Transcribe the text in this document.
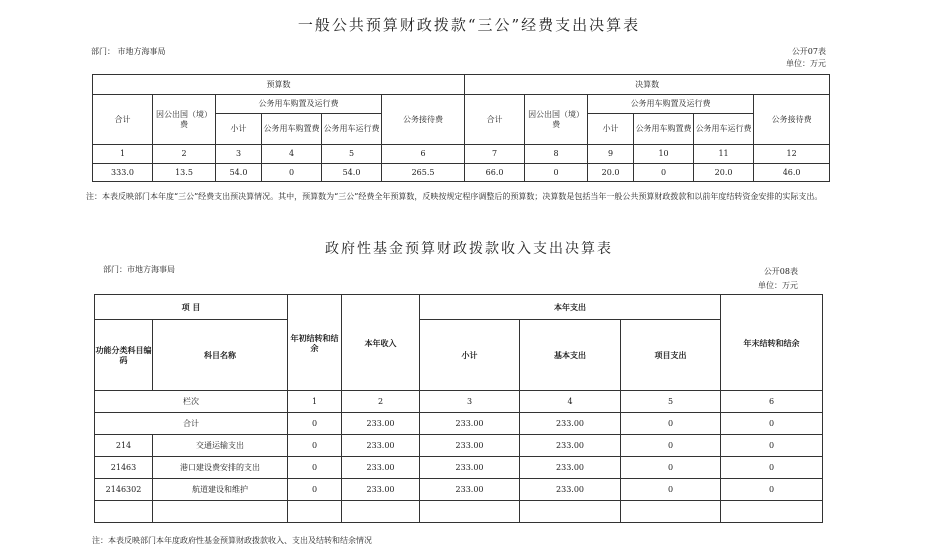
一般公共预算财政拨款“三公”经费支出决算表
部门： 市地方海事局	公开07表
单位：万元
预算数						决算数					
合计	因公出国（境）费	公务用车购置及运行费			公务接待费	合计	因公出国（境）费	公务用车购置及运行费			公务接待费
		小计	公务用车购置费	公务用车运行费				小计	公务用车购置费	公务用车运行费	
1	2	3	4	5	6	7	8	9	10	11	12
333.0	13.5	54.0	0	54.0	265.5	66.0	0	20.0	0	20.0	46.0
注：本表反映部门本年度“三公”经费支出预决算情况。其中，预算数为“三公”经费全年预算数，反映按规定程序调整后的预算数；决算数是包括当年一般公共预算财政拨款和以前年度结转资金安排的实际支出。
政府性基金预算财政拨款收入支出决算表
部门：市地方海事局	公开08表
单位：万元
项 目		年初结转和结余	本年收入	本年支出			年末结转和结余
功能分类科目编码	科目名称			小计	基本支出	项目支出	
栏次		1	2	3	4	5	6
合计		0	233.00	233.00	233.00	0	0
214	交通运输支出	0	233.00	233.00	233.00	0	0
21463	港口建设费安排的支出	0	233.00	233.00	233.00	0	0
2146302	航道建设和维护	0	233.00	233.00	233.00	0	0

注：本表反映部门本年度政府性基金预算财政拨款收入、支出及结转和结余情况
